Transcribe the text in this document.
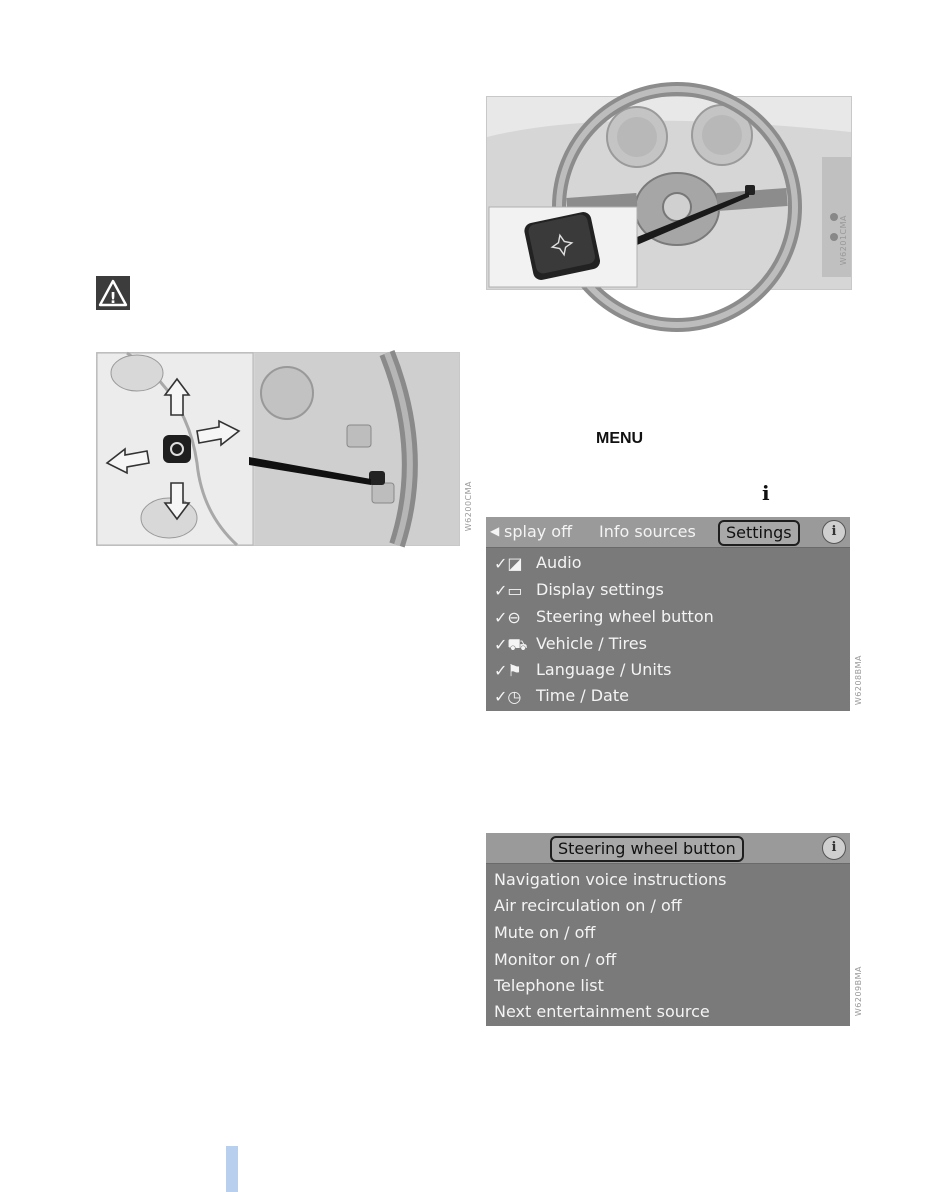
!
W6201CMA
W6200CMA
MENU
i
◀ splay off Info sources	Settings	i
✓◪ Audio
✓▭ Display settings
✓⊖ Steering wheel button
✓⛟ Vehicle / Tires
✓⚑ Language / Units
✓◷ Time / Date	W6208BMA
Steering wheel button	i
Navigation voice instructions
Air recirculation on / off
Mute on / off
Monitor on / off
Telephone list
Next entertainment source	W6209BMA
